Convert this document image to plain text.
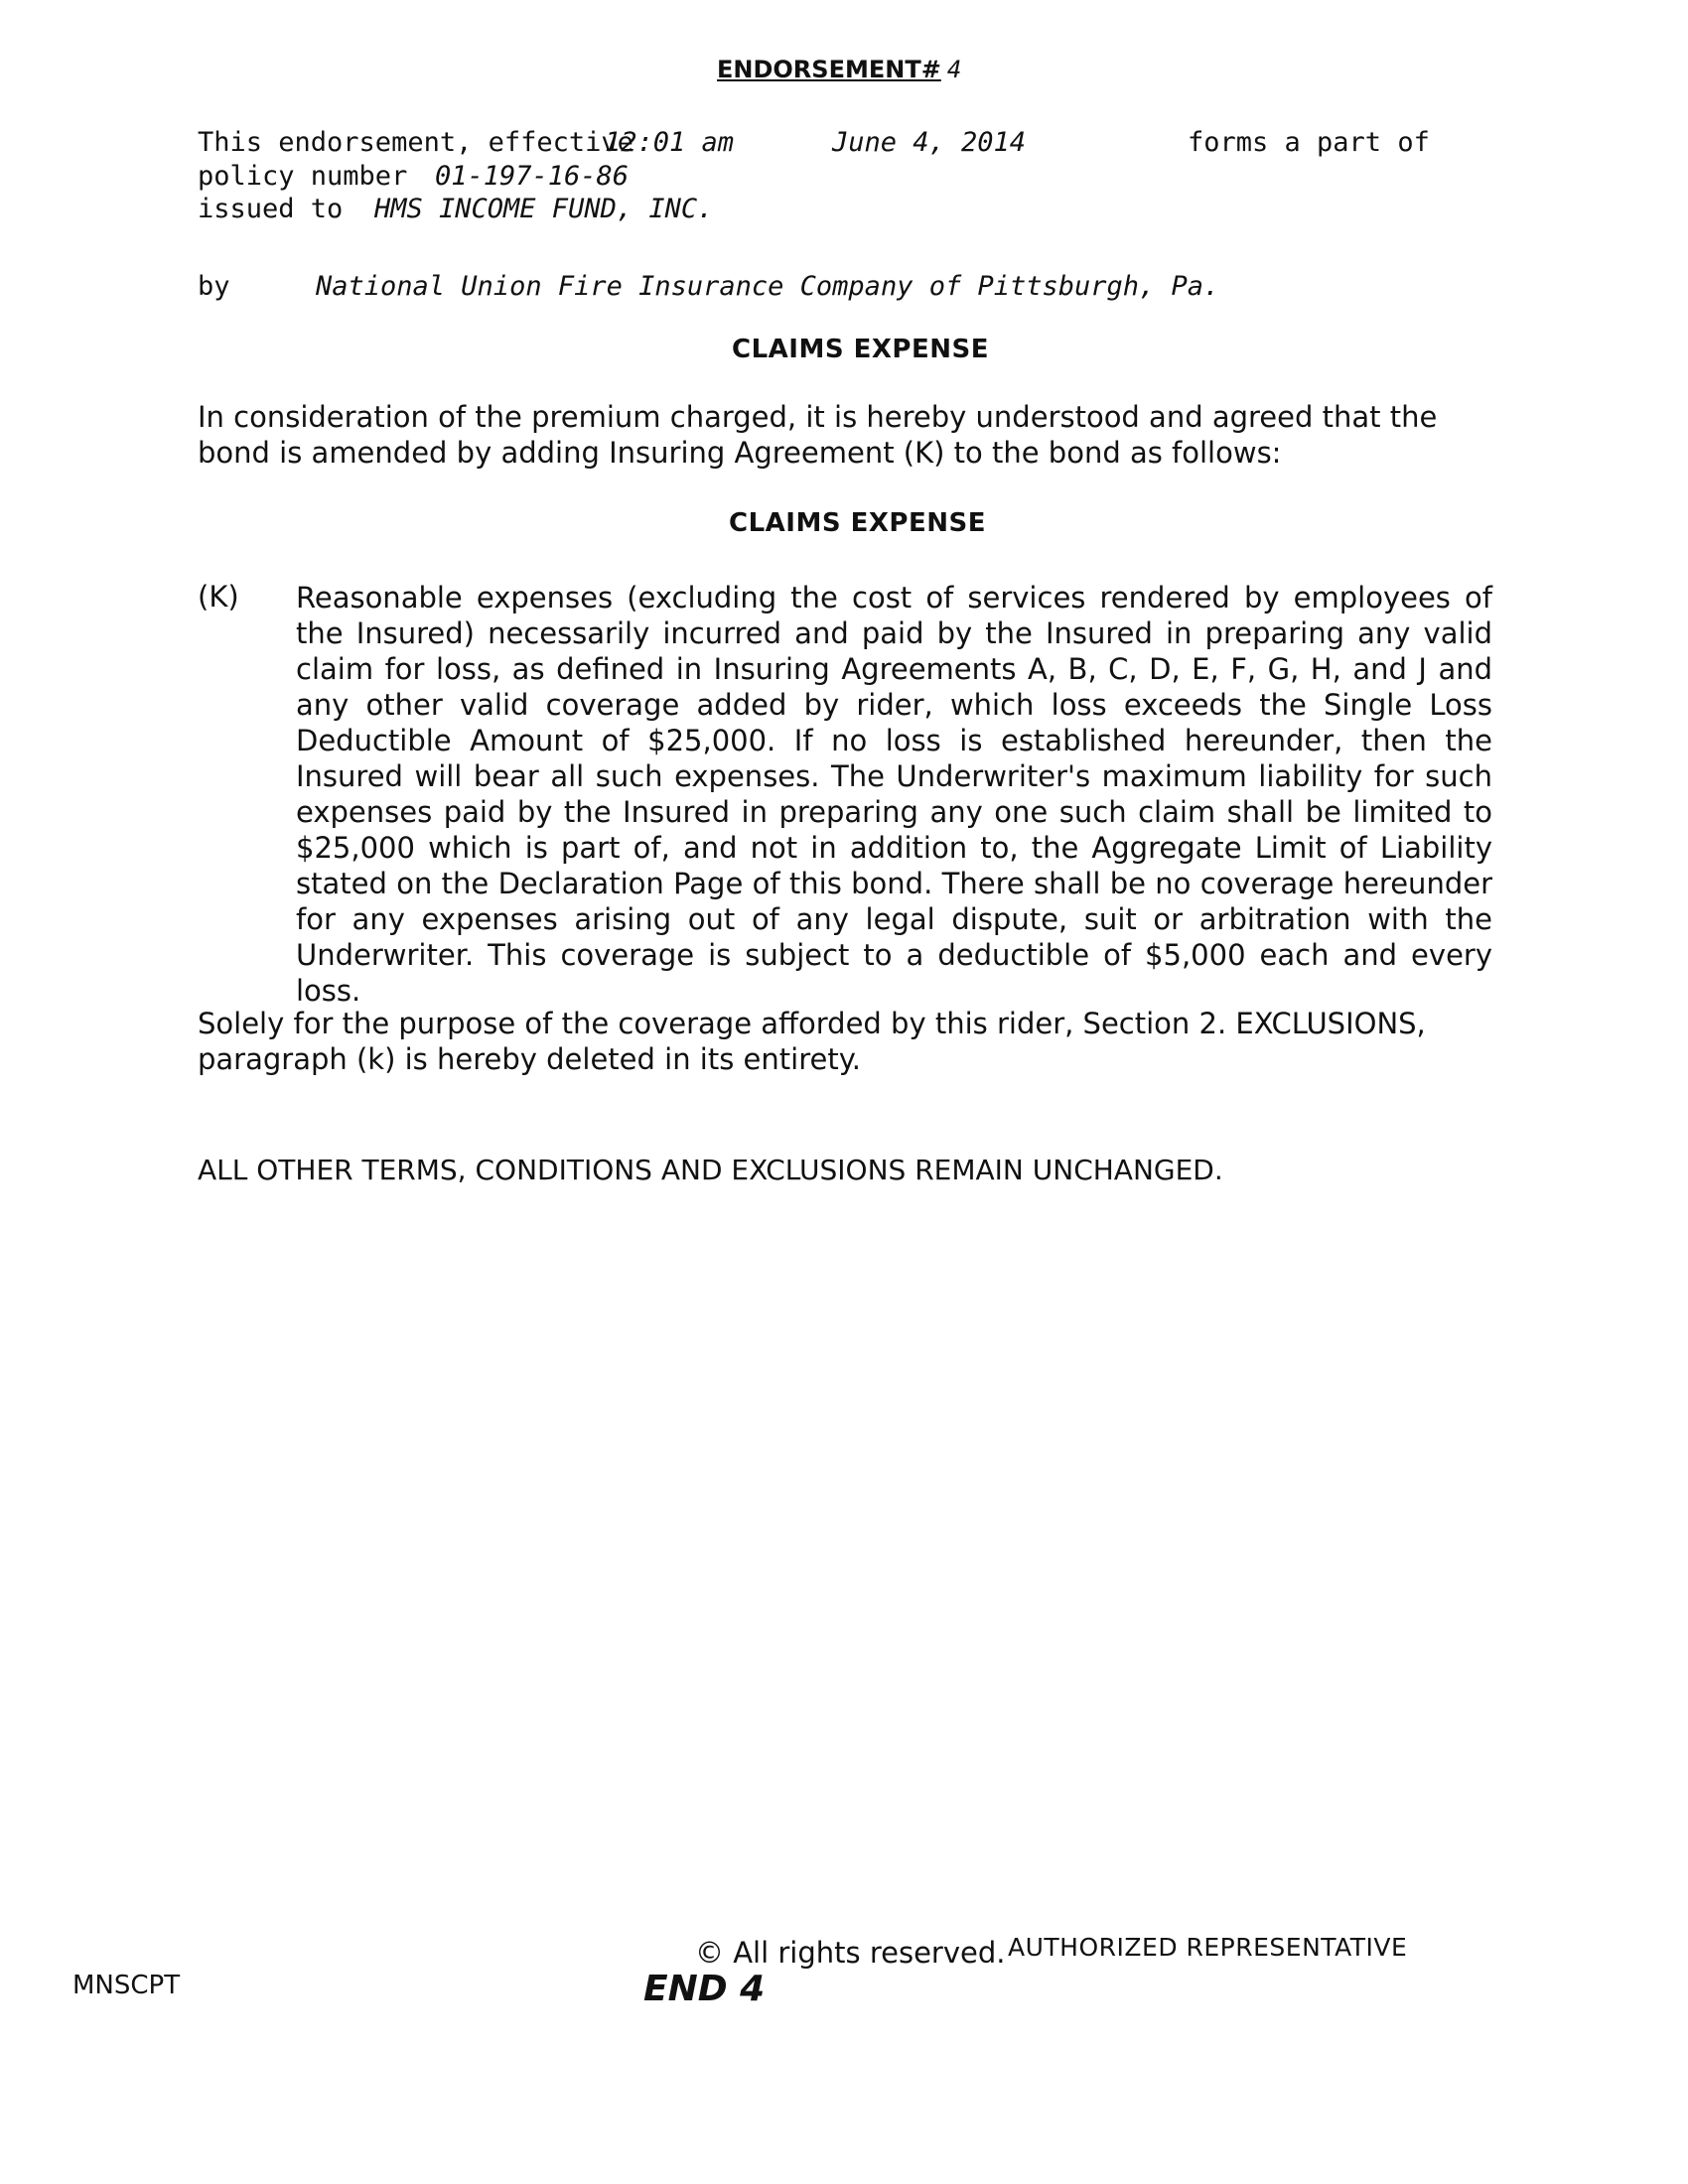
ENDORSEMENT# 4
This endorsement, effective
12:01 am	June 4, 2014	forms a part of
policy number 01-197-16-86
issued to HMS INCOME FUND, INC.
by	National Union Fire Insurance Company of Pittsburgh, Pa.
CLAIMS EXPENSE
In consideration of the premium charged, it is hereby understood and agreed that the bond is amended by adding Insuring Agreement (K) to the bond as follows:
CLAIMS EXPENSE
(K) Reasonable expenses (excluding the cost of services rendered by employees of the Insured) necessarily incurred and paid by the Insured in preparing any valid claim for loss, as defined in Insuring Agreements A, B, C, D, E, F, G, H, and J and any other valid coverage added by rider, which loss exceeds the Single Loss Deductible Amount of $25,000. If no loss is established hereunder, then the Insured will bear all such expenses. The Underwriter's maximum liability for such expenses paid by the Insured in preparing any one such claim shall be limited to $25,000 which is part of, and not in addition to, the Aggregate Limit of Liability stated on the Declaration Page of this bond. There shall be no coverage hereunder for any expenses arising out of any legal dispute, suit or arbitration with the Underwriter. This coverage is subject to a deductible of $5,000 each and every loss.
Solely for the purpose of the coverage afforded by this rider, Section 2. EXCLUSIONS, paragraph (k) is hereby deleted in its entirety.
ALL OTHER TERMS, CONDITIONS AND EXCLUSIONS REMAIN UNCHANGED.
MNSCPT
© All rights reserved. AUTHORIZED REPRESENTATIVE
END 4
